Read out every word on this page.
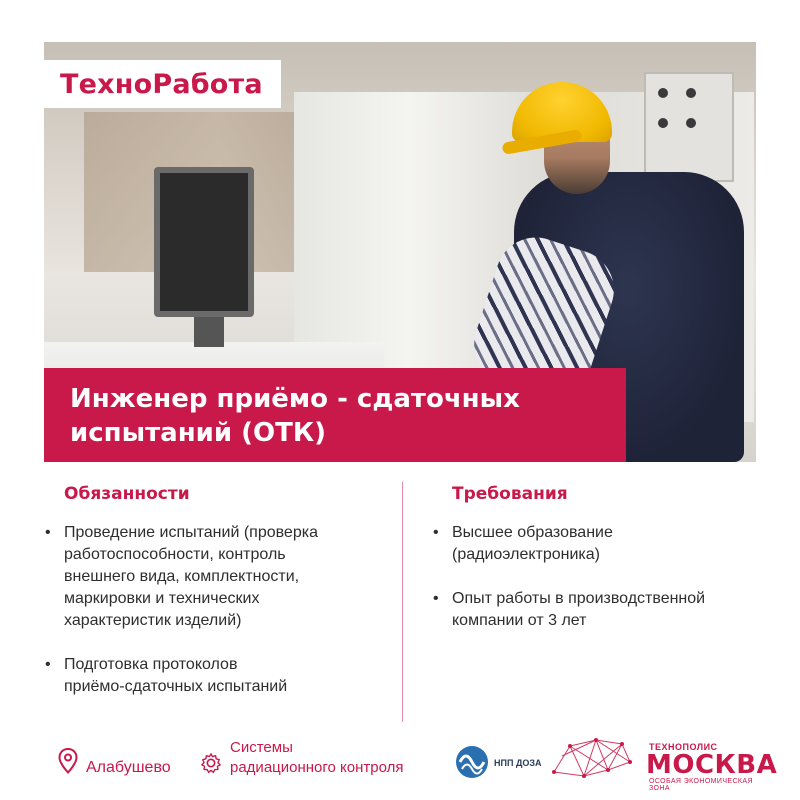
ТехноРабота
Инженер приёмо - сдаточных
испытаний (ОТК)
Обязанности
• Проведение испытаний (проверка
работоспособности, контроль
внешнего вида, комплектности,
маркировки и технических
характеристик изделий)
• Подготовка протоколов
приёмо-сдаточных испытаний
Требования
• Высшее образование
(радиоэлектроника)
• Опыт работы в производственной
компании от 3 лет
Алабушево
Системы
радиационного контроля	НПП ДОЗА
ТЕХНОПОЛИС
МОСКВА
ОСОБАЯ ЭКОНОМИЧЕСКАЯ ЗОНА
